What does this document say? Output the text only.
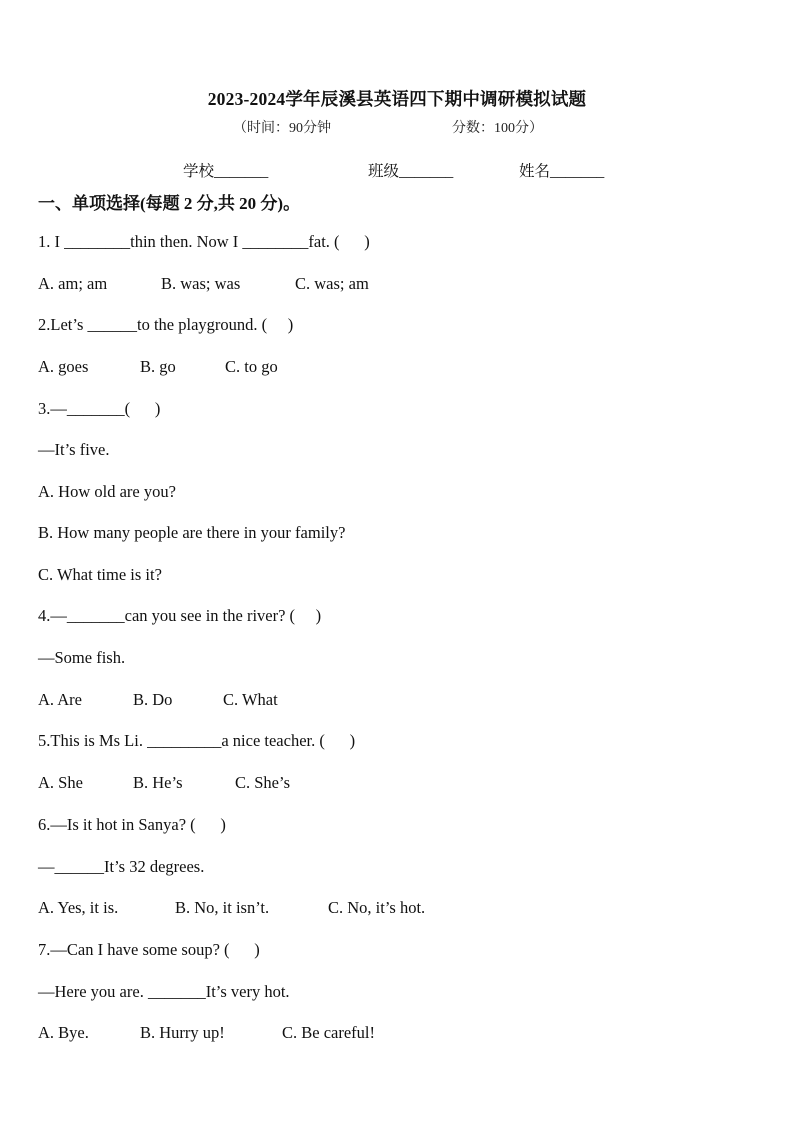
2023-2024学年辰溪县英语四下期中调研模拟试题
（时间：90分钟	分数：100分）
学校_______	班级_______	姓名_______
一、单项选择(每题 2 分,共 20 分)。
1. I ________thin then. Now I ________fat. (      )
A. am; am	B. was; was	C. was; am
2.Let’s ______to the playground. (     )
A. goes	B. go	C. to go
3.—_______(      )
—It’s five.
A. How old are you?
B. How many people are there in your family?
C. What time is it?
4.—_______can you see in the river? (     )
—Some fish.
A. Are	B. Do	C. What
5.This is Ms Li. _________a nice teacher. (      )
A. She	B. He’s	C. She’s
6.—Is it hot in Sanya? (      )
—______It’s 32 degrees.
A. Yes, it is.	B. No, it isn’t.	C. No, it’s hot.
7.—Can I have some soup? (      )
—Here you are. _______It’s very hot.
A. Bye.	B. Hurry up!	C. Be careful!
